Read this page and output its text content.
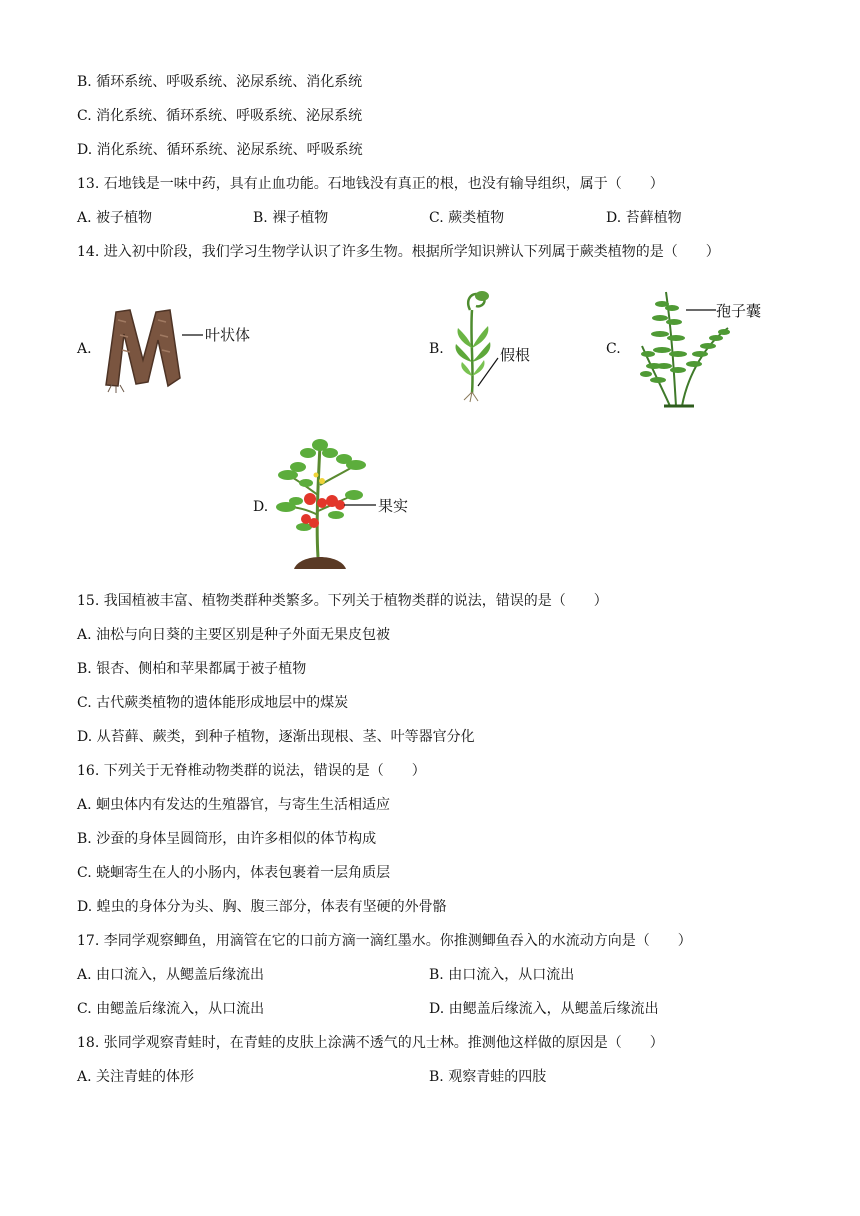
B. 循环系统、呼吸系统、泌尿系统、消化系统
C. 消化系统、循环系统、呼吸系统、泌尿系统
D. 消化系统、循环系统、泌尿系统、呼吸系统
13. 石地钱是一味中药，具有止血功能。石地钱没有真正的根，也没有输导组织，属于（　　）
A. 被子植物	B. 裸子植物	C. 蕨类植物	D. 苔藓植物
14. 进入初中阶段，我们学习生物学认识了许多生物。根据所学知识辨认下列属于蕨类植物的是（　　）
A.
叶状体
B.	假根	C.
孢子囊
D.	果实
15. 我国植被丰富、植物类群种类繁多。下列关于植物类群的说法，错误的是（　　）
A. 油松与向日葵的主要区别是种子外面无果皮包被
B. 银杏、侧柏和苹果都属于被子植物
C. 古代蕨类植物的遗体能形成地层中的煤炭
D. 从苔藓、蕨类，到种子植物，逐渐出现根、茎、叶等器官分化
16. 下列关于无脊椎动物类群的说法，错误的是（　　）
A. 蛔虫体内有发达的生殖器官，与寄生生活相适应
B. 沙蚕的身体呈圆筒形，由许多相似的体节构成
C. 蛲蛔寄生在人的小肠内，体表包裹着一层角质层
D. 蝗虫的身体分为头、胸、腹三部分，体表有坚硬的外骨骼
17. 李同学观察鲫鱼，用滴管在它的口前方滴一滴红墨水。你推测鲫鱼吞入的水流动方向是（　　）
A. 由口流入，从鳃盖后缘流出	B. 由口流入，从口流出
C. 由鳃盖后缘流入，从口流出	D. 由鳃盖后缘流入，从鳃盖后缘流出
18. 张同学观察青蛙时，在青蛙的皮肤上涂满不透气的凡士林。推测他这样做的原因是（　　）
A. 关注青蛙的体形	B. 观察青蛙的四肢
